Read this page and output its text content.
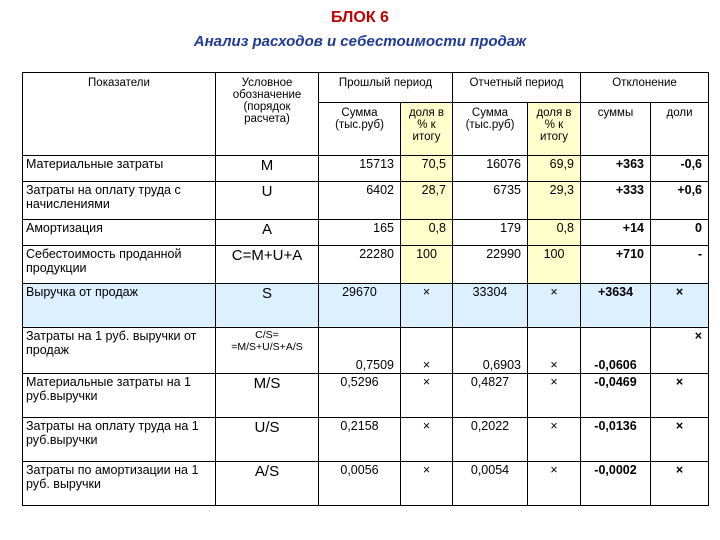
БЛОК 6
Анализ расходов и себестоимости продаж
Показатели	Условное обозначение (порядок расчета)	Прошлый период		Отчетный период		Отклонение	
		Сумма (тыс.руб)	доля в % к итогу	Сумма (тыс.руб)	доля в % к итогу	суммы	доли
Материальные затраты	M	15713	70,5	16076	69,9	+363	-0,6
Затраты на оплату труда с начислениями	U	6402	28,7	6735	29,3	+333	+0,6
Амортизация	A	165	0,8	179	0,8	+14	0
Себестоимость проданной продукции	C=M+U+A	22280	100	22990	100	+710	-
Выручка от продаж	S	29670	×	33304	×	+3634	×
Затраты на 1 руб. выручки от продаж	C/S= =M/S+U/S+A/S	0,7509	×	0,6903	×	-0,0606	×
Материальные затраты на 1 руб.выручки	M/S	0,5296	×	0,4827	×	-0,0469	×
Затраты на оплату труда на 1 руб.выручки	U/S	0,2158	×	0,2022	×	-0,0136	×
Затраты по амортизации на 1 руб. выручки	A/S	0,0056	×	0,0054	×	-0,0002	×
